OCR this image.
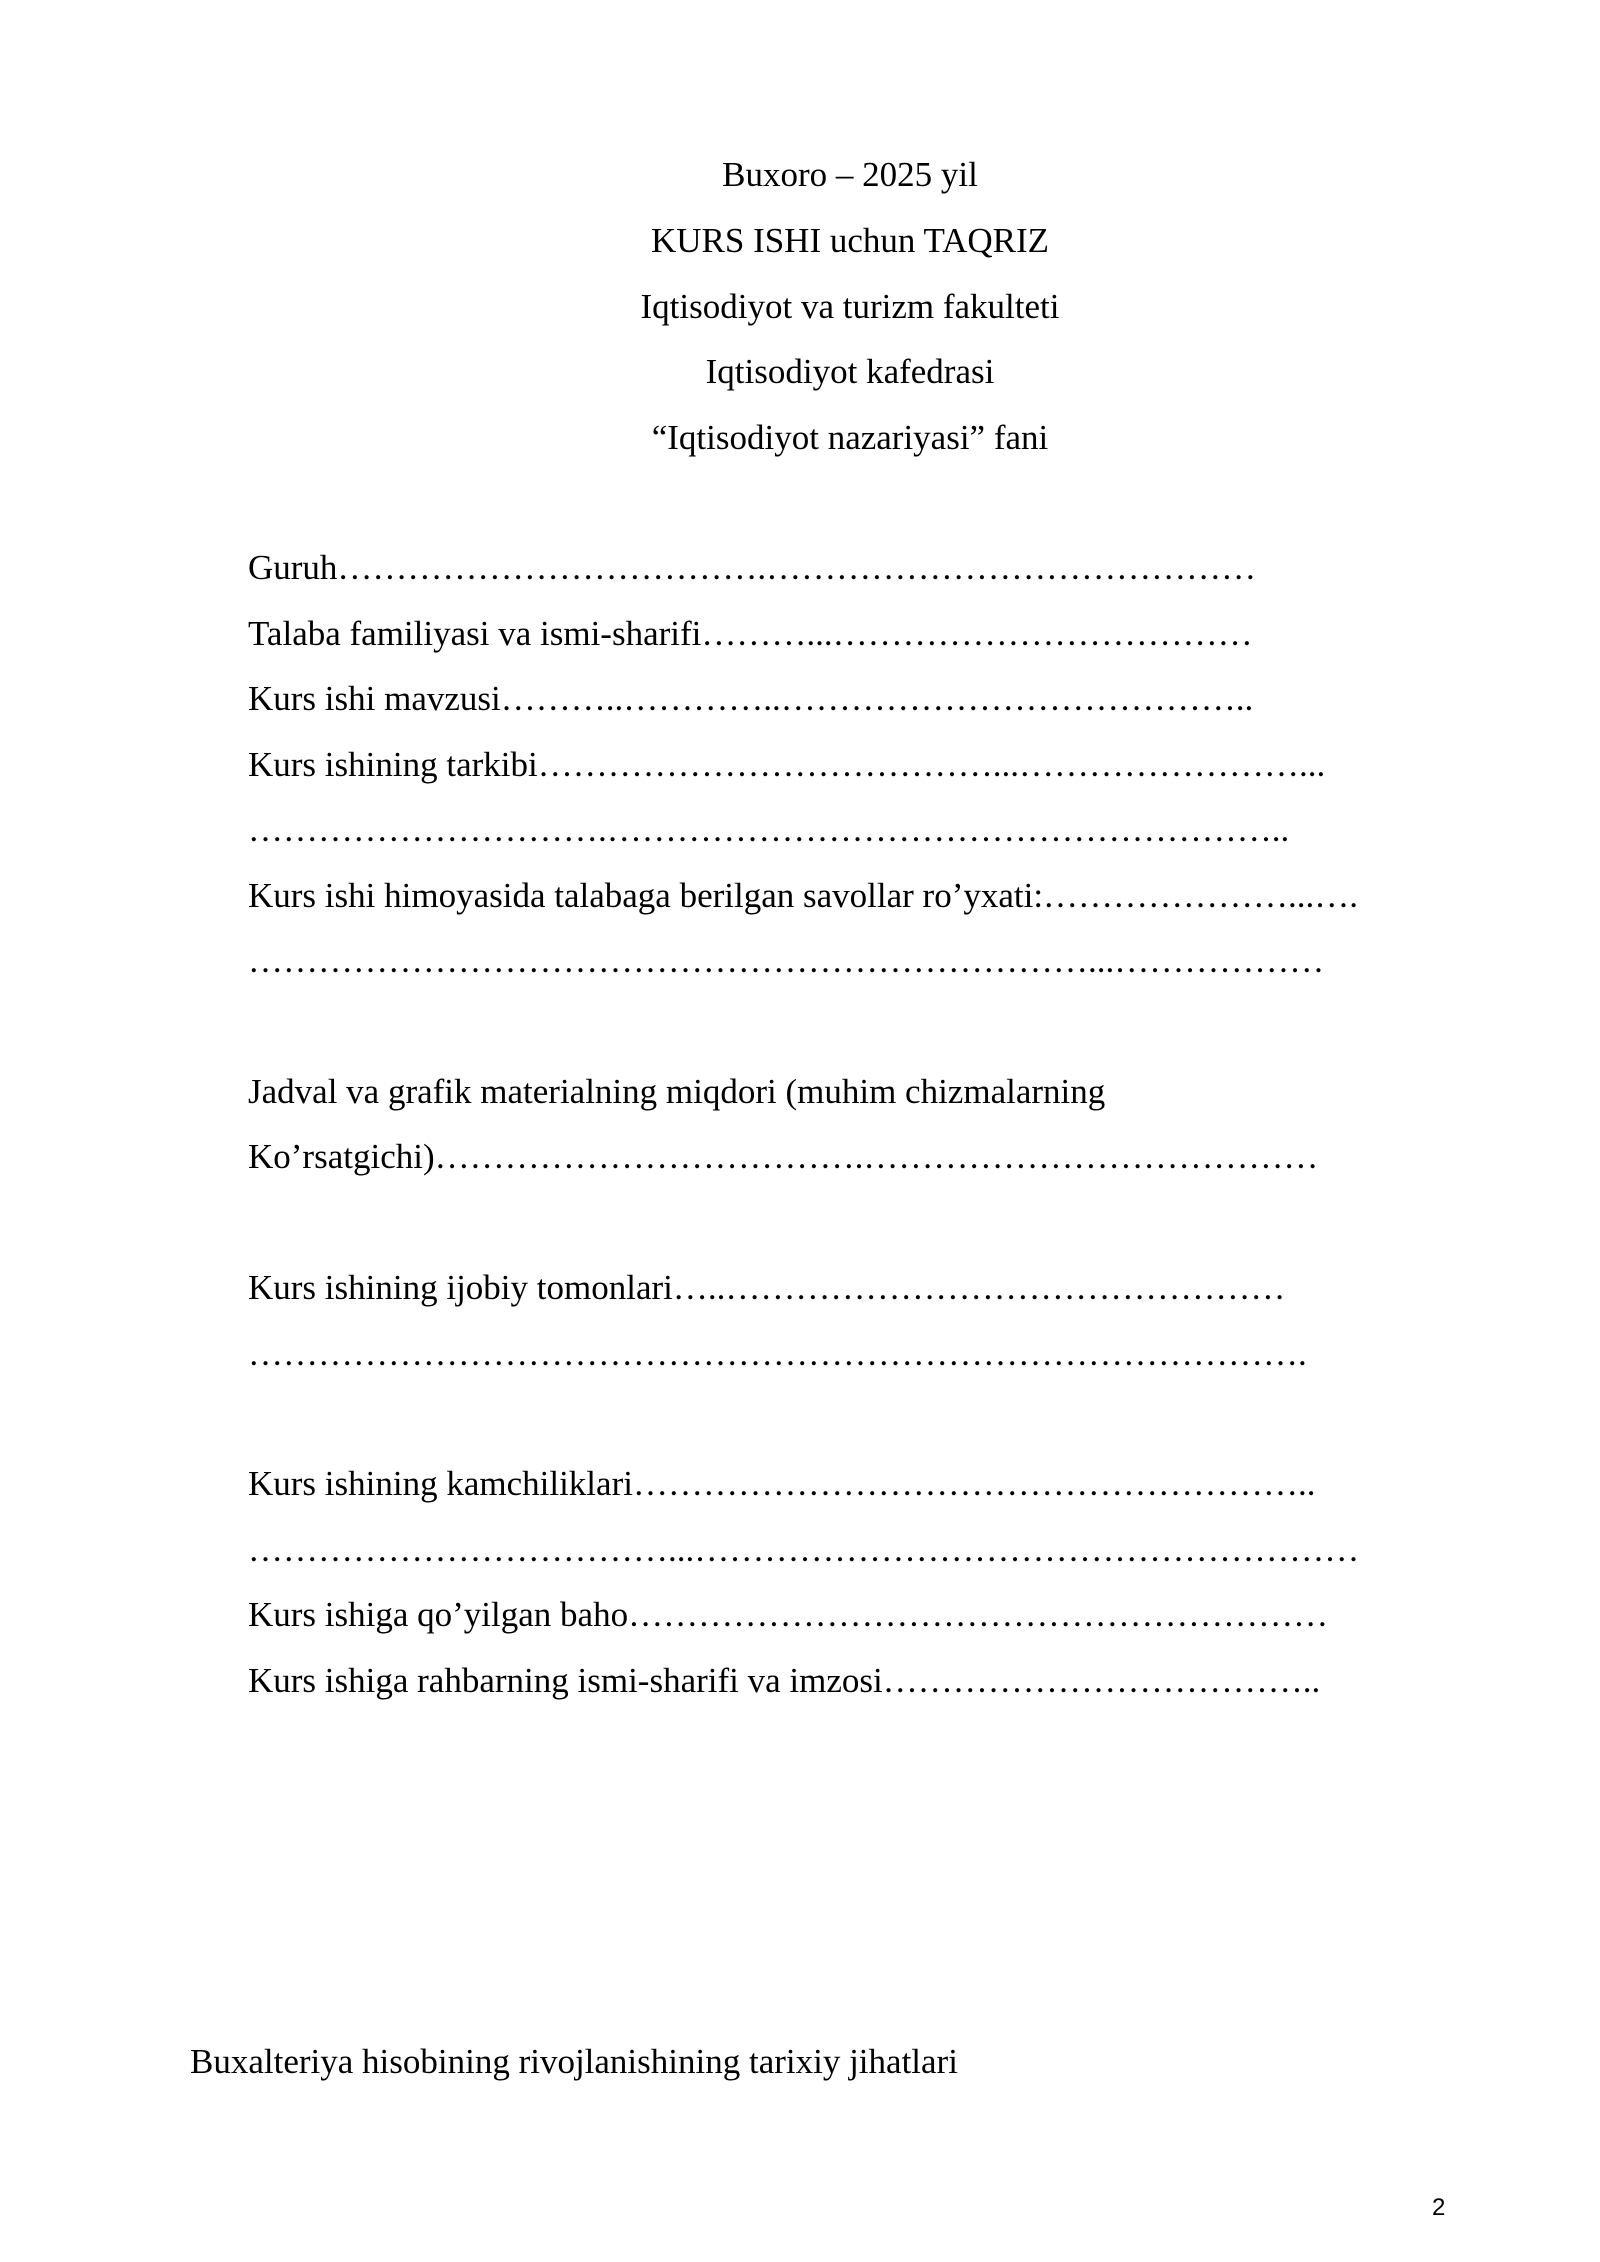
Buxoro – 2025 yil
KURS ISHI uchun TAQRIZ
Iqtisodiyot va turizm fakulteti
Iqtisodiyot kafedrasi
“Iqtisodiyot nazariyasi” fani
Guruh……………………………….……………………………………
Talaba familiyasi va ismi-sharifi………...………………………………
Kurs ishi mavzusi………..…………..…………………………………..
Kurs ishining tarkibi…………………………………...……………………...
………………………….…………………………………………………..
Kurs ishi himoyasida talabaga berilgan savollar ro’yxati:…………………...….
………………………………………………………………...………………
Jadval va grafik materialning miqdori (muhim chizmalarning
Ko’rsatgichi)……………………………….…………………………………
Kurs ishining ijobiy tomonlari…..…………………………………………
……………………………………………………………………………….
Kurs ishining kamchiliklari…………………………………………………..
………………………………...…………………………………………………
Kurs ishiga qo’yilgan baho……………………………………………………
Kurs ishiga rahbarning ismi-sharifi va imzosi………………………………..
Buxalteriya hisobining rivojlanishining tarixiy jihatlari
2
